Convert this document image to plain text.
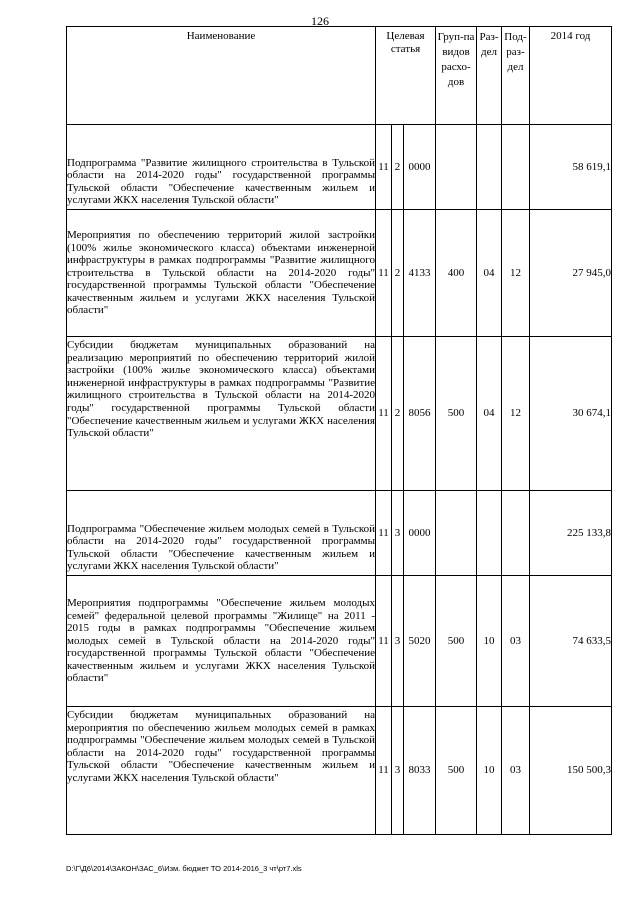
126
Наименование	Целевая статья			Груп-па видов расхо-дов	Раз-дел	Под-раз-дел	2014 год
Подпрограмма "Развитие жилищного строительства в Тульской области на 2014-2020 годы" государственной программы Тульской области "Обеспечение качественным жильем и услугами ЖКХ населения Тульской области"	11	2	0000				58 619,1
Мероприятия по обеспечению территорий жилой застройки (100% жилье экономического класса) объектами инженерной инфраструктуры в рамках подпрограммы "Развитие жилищного строительства в Тульской области на 2014-2020 годы" государственной программы Тульской области "Обеспечение качественным жильем и услугами ЖКХ населения Тульской области"	11	2	4133	400	04	12	27 945,0
Субсидии бюджетам муниципальных образований на реализацию мероприятий по обеспечению территорий жилой застройки (100% жилье экономического класса) объектами инженерной инфраструктуры в рамках подпрограммы "Развитие жилищного строительства в Тульской области на 2014-2020 годы" государственной программы Тульской области "Обеспечение качественным жильем и услугами ЖКХ населения Тульской области"	11	2	8056	500	04	12	30 674,1
Подпрограмма "Обеспечение жильем молодых семей в Тульской области на 2014-2020 годы" государственной программы Тульской области "Обеспечение качественным жильем и услугами ЖКХ населения Тульской области"	11	3	0000				225 133,8
Мероприятия подпрограммы "Обеспечение жильем молодых семей" федеральной целевой программы "Жилище" на 2011 - 2015 годы в рамках подпрограммы "Обеспечение жильем молодых семей в Тульской области на 2014-2020 годы" государственной программы Тульской области "Обеспечение качественным жильем и услугами ЖКХ населения Тульской области"	11	3	5020	500	10	03	74 633,5
Субсидии бюджетам муниципальных образований на мероприятия по обеспечению жильем молодых семей в рамках подпрограммы "Обеспечение жильем молодых семей в Тульской области на 2014-2020 годы" государственной программы Тульской области "Обеспечение качественным жильем и услугами ЖКХ населения Тульской области"	11	3	8033	500	10	03	150 500,3
D:\Г\Д6\2014\ЗАКОН\ЗАС_6\Изм. бюджет ТО 2014-2016_3 чт\рт7.xls
